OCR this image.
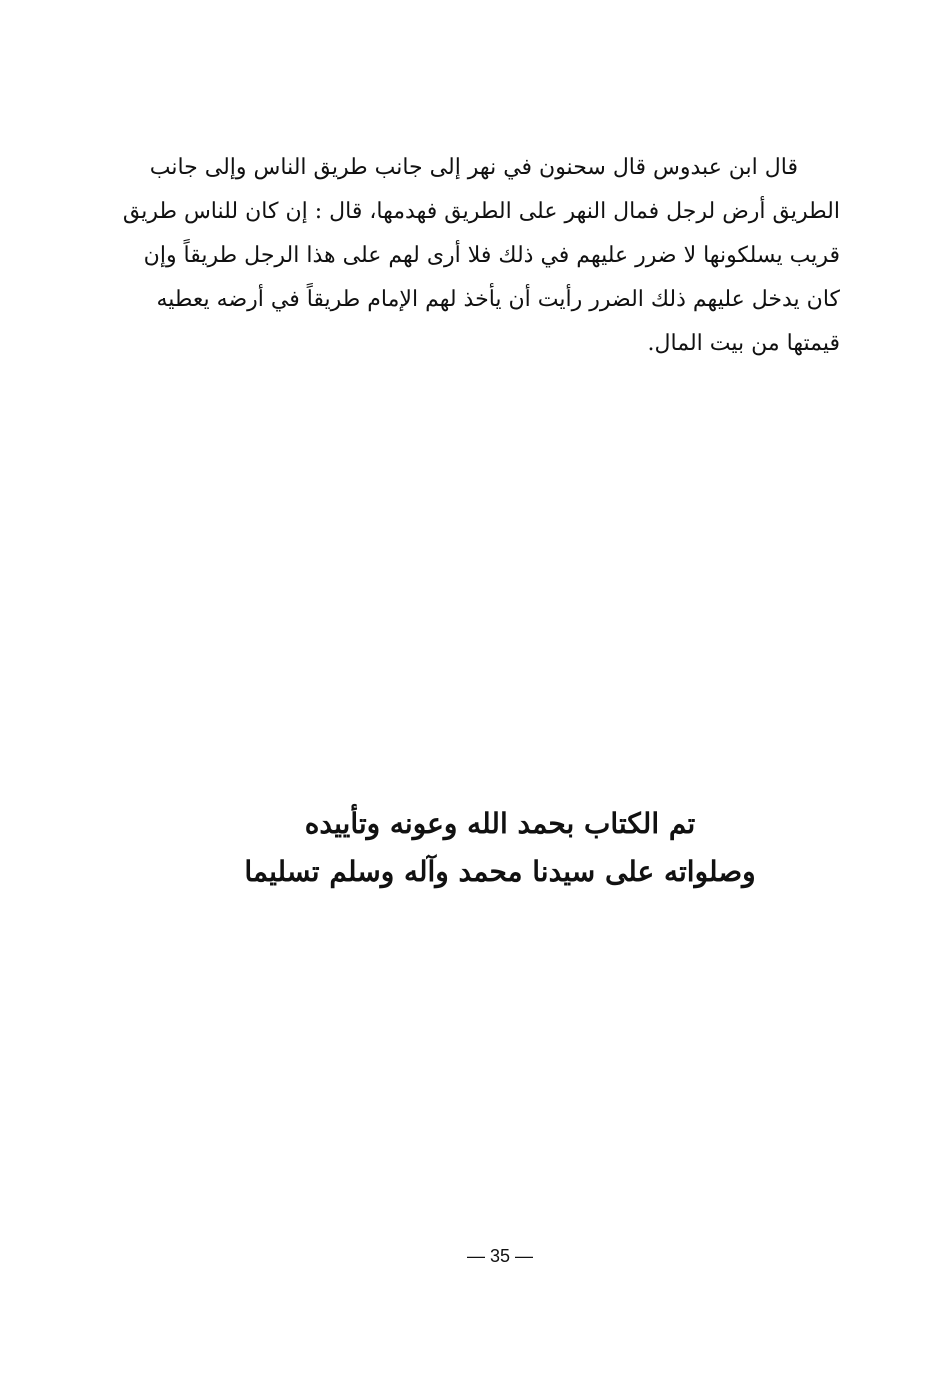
قال ابن عبدوس قال سحنون في نهر إلى جانب طريق الناس وإلى جانب
الطريق أرض لرجل فمال النهر على الطريق فهدمها، قال : إن كان للناس طريق
قريب يسلكونها لا ضرر عليهم في ذلك فلا أرى لهم على هذا الرجل طريقاً وإن
كان يدخل عليهم ذلك الضرر رأيت أن يأخذ لهم الإمام طريقاً في أرضه يعطيه
قيمتها من بيت المال.
تم الكتاب بحمد الله وعونه وتأييده
وصلواته على سيدنا محمد وآله وسلم تسليما
— 35 —
